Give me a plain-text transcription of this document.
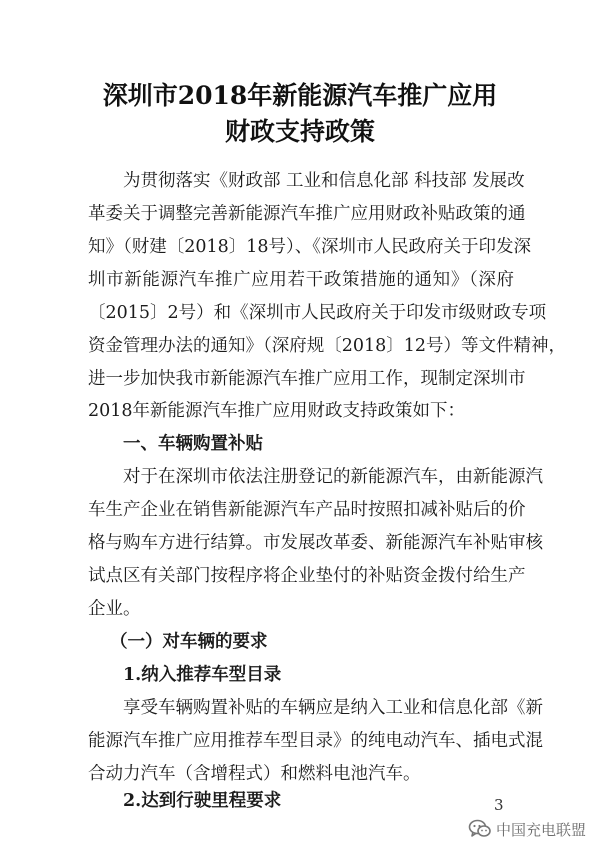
深圳市2018年新能源汽车推广应用
财政支持政策
为贯彻落实《财政部 工业和信息化部 科技部 发展改
革委关于调整完善新能源汽车推广应用财政补贴政策的通
知》（财建〔2018〕18号）、《深圳市人民政府关于印发深
圳市新能源汽车推广应用若干政策措施的通知》（深府
〔2015〕2号）和《深圳市人民政府关于印发市级财政专项
资金管理办法的通知》（深府规〔2018〕12号）等文件精神，
进一步加快我市新能源汽车推广应用工作，现制定深圳市
2018年新能源汽车推广应用财政支持政策如下：
一、车辆购置补贴
对于在深圳市依法注册登记的新能源汽车，由新能源汽
车生产企业在销售新能源汽车产品时按照扣减补贴后的价
格与购车方进行结算。市发展改革委、新能源汽车补贴审核
试点区有关部门按程序将企业垫付的补贴资金拨付给生产
企业。
（一）对车辆的要求
1.纳入推荐车型目录
享受车辆购置补贴的车辆应是纳入工业和信息化部《新
能源汽车推广应用推荐车型目录》的纯电动汽车、插电式混
合动力汽车（含增程式）和燃料电池汽车。
2.达到行驶里程要求	3
中国充电联盟
